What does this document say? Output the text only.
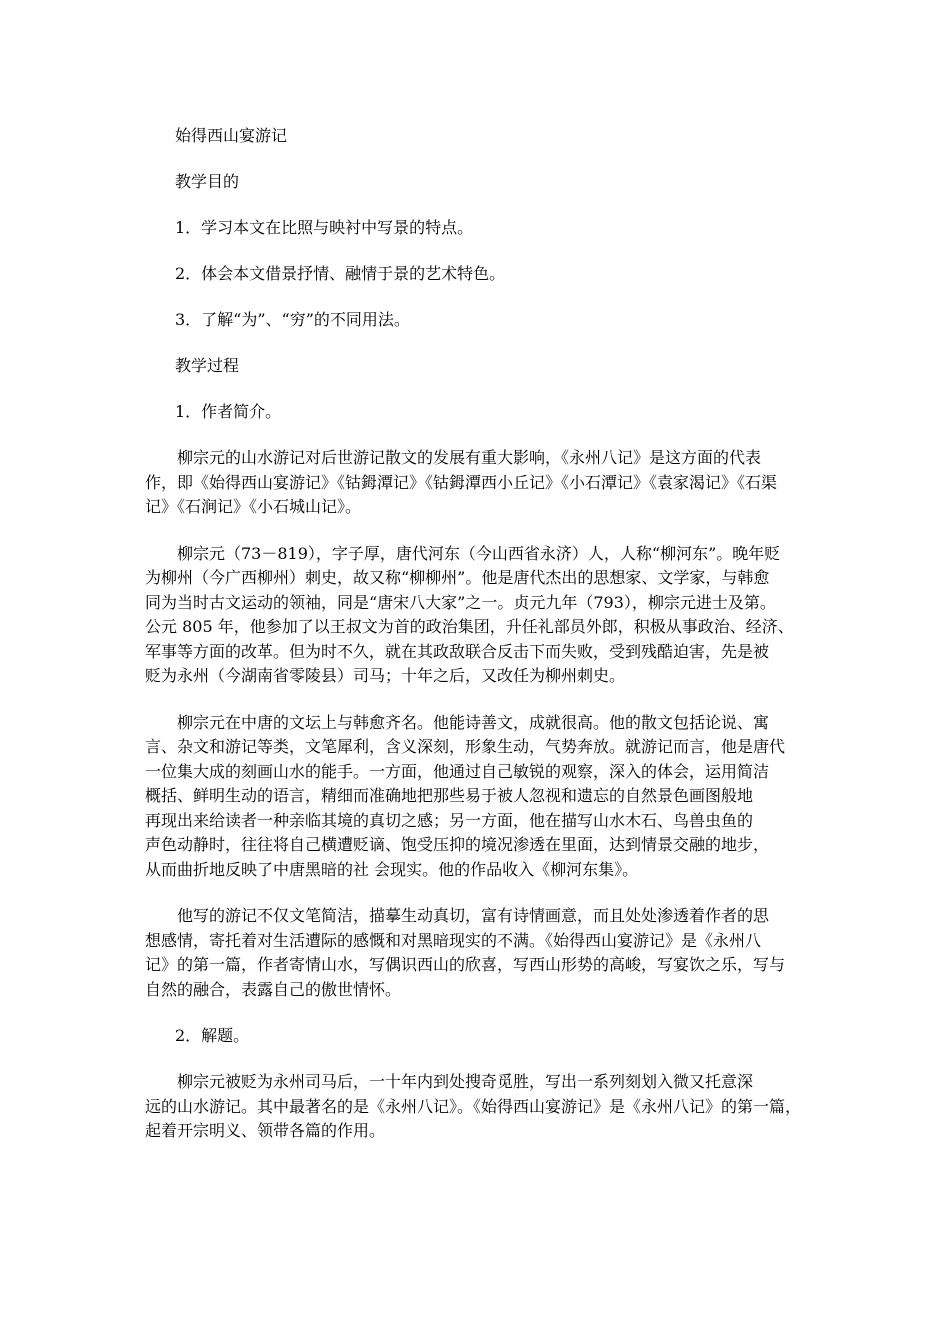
始得西山宴游记

教学目的

1．学习本文在比照与映衬中写景的特点。

2．体会本文借景抒情、融情于景的艺术特色。

3．了解“为”、“穷”的不同用法。

教学过程

1．作者简介。

柳宗元的山水游记对后世游记散文的发展有重大影响，《永州八记》是这方面的代表
作，即《始得西山宴游记》《钴鉧潭记》《钴鉧潭西小丘记》《小石潭记》《袁家渴记》《石渠
记》《石涧记》《小石城山记》。
柳宗元（73－819），字子厚，唐代河东（今山西省永济）人，人称“柳河东”。晚年贬
为柳州（今广西柳州）刺史，故又称“柳柳州”。他是唐代杰出的思想家、文学家，与韩愈
同为当时古文运动的领袖，同是“唐宋八大家”之一。贞元九年（793），柳宗元进士及第。
公元 805 年，他参加了以王叔文为首的政治集团，升任礼部员外郎，积极从事政治、经济、
军事等方面的改革。但为时不久，就在其政敌联合反击下而失败，受到残酷迫害，先是被
贬为永州（今湖南省零陵县）司马；十年之后，又改任为柳州刺史。
柳宗元在中唐的文坛上与韩愈齐名。他能诗善文，成就很高。他的散文包括论说、寓
言、杂文和游记等类，文笔犀利，含义深刻，形象生动，气势奔放。就游记而言，他是唐代
一位集大成的刻画山水的能手。一方面，他通过自己敏锐的观察，深入的体会，运用简洁
概括、鲜明生动的语言，精细而准确地把那些易于被人忽视和遗忘的自然景色画图般地
再现出来给读者一种亲临其境的真切之感；另一方面，他在描写山水木石、鸟兽虫鱼的
声色动静时，往往将自己横遭贬谪、饱受压抑的境况渗透在里面，达到情景交融的地步，
从而曲折地反映了中唐黑暗的社 会现实。他的作品收入《柳河东集》。
他写的游记不仅文笔简洁，描摹生动真切，富有诗情画意，而且处处渗透着作者的思
想感情，寄托着对生活遭际的感慨和对黑暗现实的不满。《始得西山宴游记》是《永州八
记》的第一篇，作者寄情山水，写偶识西山的欣喜，写西山形势的高峻，写宴饮之乐，写与
自然的融合，表露自己的傲世情怀。

2．解题。

柳宗元被贬为永州司马后，一十年内到处搜奇觅胜，写出一系列刻划入微又托意深
远的山水游记。其中最著名的是《永州八记》。《始得西山宴游记》是《永州八记》的第一篇，
起着开宗明义、领带各篇的作用。
